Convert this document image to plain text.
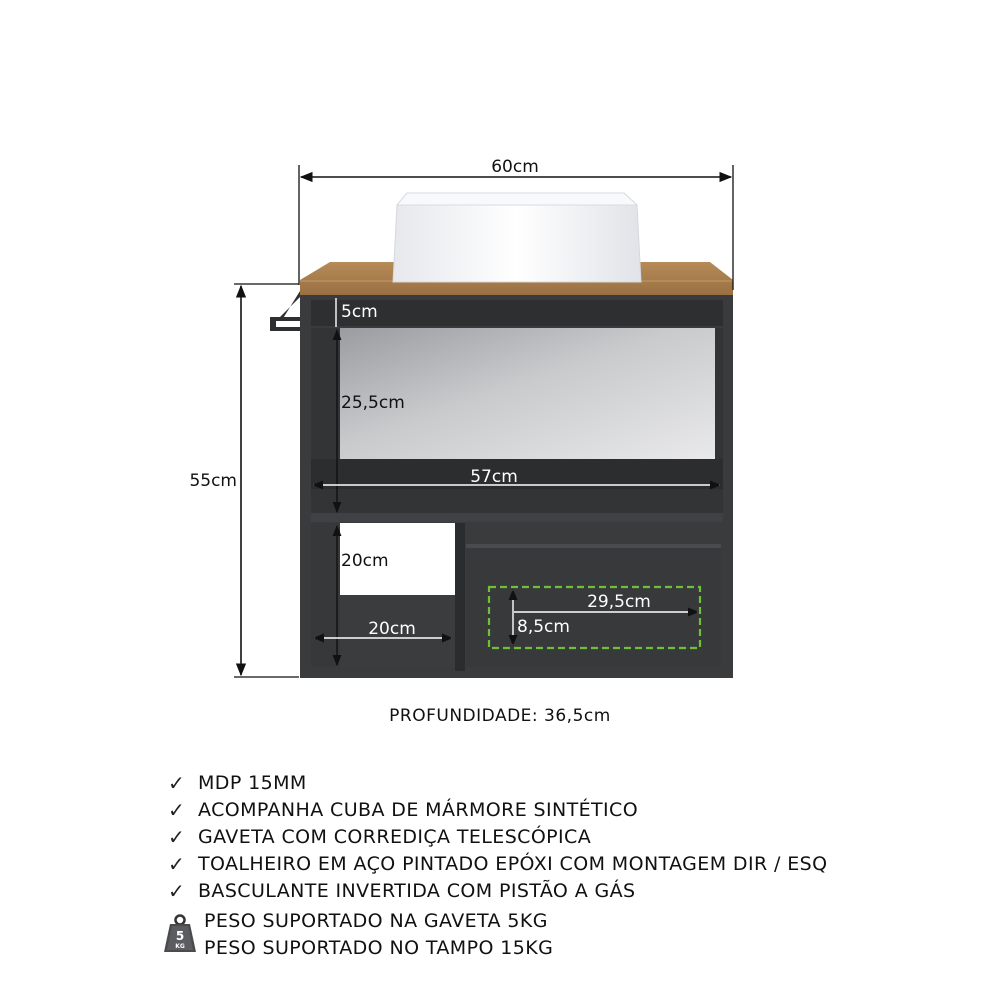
60cm
55cm
5cm
25,5cm
57cm
20cm
20cm
29,5cm
8,5cm
PROFUNDIDADE: 36,5cm
✓ MDP 15MM
✓ ACOMPANHA CUBA DE MÁRMORE SINTÉTICO
✓ GAVETA COM CORREDIÇA TELESCÓPICA
✓ TOALHEIRO EM AÇO PINTADO EPÓXI COM MONTAGEM DIR / ESQ
✓ BASCULANTE INVERTIDA COM PISTÃO A GÁS
5
KG
PESO SUPORTADO NA GAVETA 5KG
PESO SUPORTADO NO TAMPO 15KG
